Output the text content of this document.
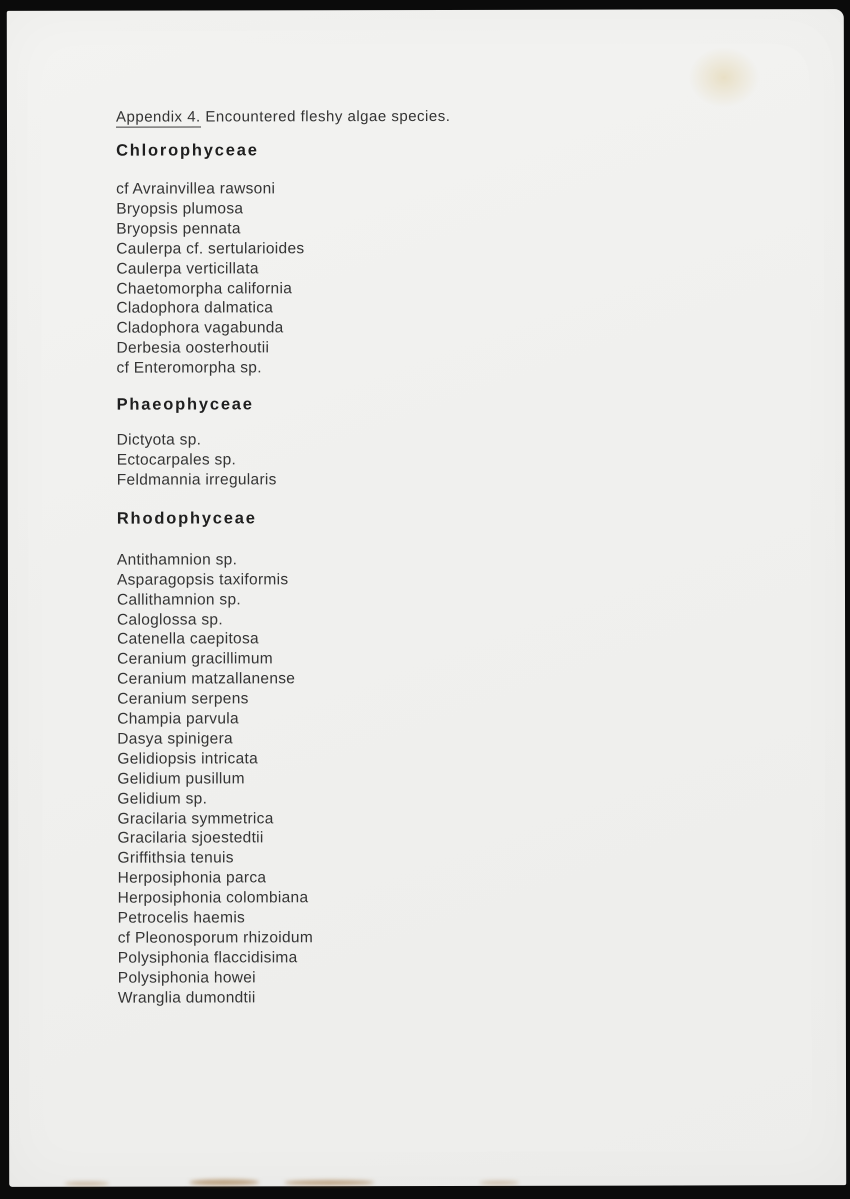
Appendix 4. Encountered fleshy algae species.

Chlorophyceae
cf Avrainvillea rawsoni
Bryopsis plumosa
Bryopsis pennata
Caulerpa cf. sertularioides
Caulerpa verticillata
Chaetomorpha california
Cladophora dalmatica
Cladophora vagabunda
Derbesia oosterhoutii
cf Enteromorpha sp.
Phaeophyceae
Dictyota sp.
Ectocarpales sp.
Feldmannia irregularis
Rhodophyceae
Antithamnion sp.
Asparagopsis taxiformis
Callithamnion sp.
Caloglossa sp.
Catenella caepitosa
Ceranium gracillimum
Ceranium matzallanense
Ceranium serpens
Champia parvula
Dasya spinigera
Gelidiopsis intricata
Gelidium pusillum
Gelidium sp.
Gracilaria symmetrica
Gracilaria sjoestedtii
Griffithsia tenuis
Herposiphonia parca
Herposiphonia colombiana
Petrocelis haemis
cf Pleonosporum rhizoidum
Polysiphonia flaccidisima
Polysiphonia howei
Wranglia dumondtii
